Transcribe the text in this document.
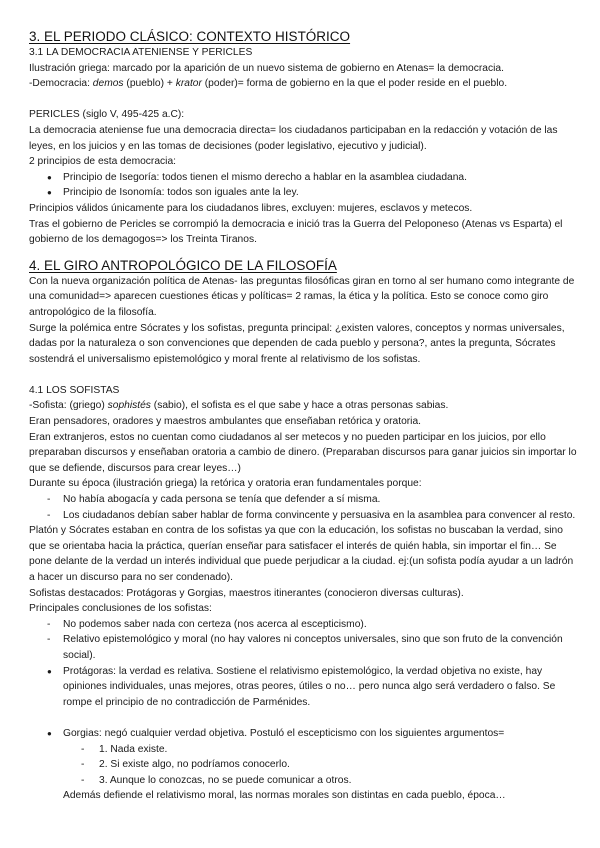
3. EL PERIODO CLÁSICO: CONTEXTO HISTÓRICO
3.1 LA DEMOCRACIA ATENIENSE Y PERICLES

Ilustración griega: marcado por la aparición de un nuevo sistema de gobierno en Atenas= la democracia.

-Democracia: demos (pueblo) + krator (poder)= forma de gobierno en la que el poder reside en el pueblo.

PERICLES (siglo V, 495-425 a.C):

La democracia ateniense fue una democracia directa= los ciudadanos participaban en la redacción y votación de las leyes, en los juicios y en las tomas de decisiones (poder legislativo, ejecutivo y judicial).

2 principios de esta democracia:

● Principio de Isegoría: todos tienen el mismo derecho a hablar en la asamblea ciudadana.
● Principio de Isonomía: todos son iguales ante la ley.

Principios válidos únicamente para los ciudadanos libres, excluyen: mujeres, esclavos y metecos.

Tras el gobierno de Pericles se corrompió la democracia e inició tras la Guerra del Peloponeso (Atenas vs Esparta) el gobierno de los demagogos=> los Treinta Tiranos.

4. EL GIRO ANTROPOLÓGICO DE LA FILOSOFÍA

Con la nueva organización política de Atenas- las preguntas filosóficas giran en torno al ser humano como integrante de una comunidad=> aparecen cuestiones éticas y políticas= 2 ramas, la ética y la política. Esto se conoce como giro antropológico de la filosofía.

Surge la polémica entre Sócrates y los sofistas, pregunta principal: ¿existen valores, conceptos y normas universales, dadas por la naturaleza o son convenciones que dependen de cada pueblo y persona?, antes la pregunta, Sócrates sostendrá el universalismo epistemológico y moral frente al relativismo de los sofistas.

4.1 LOS SOFISTAS

-Sofista: (griego) sophistés (sabio), el sofista es el que sabe y hace a otras personas sabias.

Eran pensadores, oradores y maestros ambulantes que enseñaban retórica y oratoria.

Eran extranjeros, estos no cuentan como ciudadanos al ser metecos y no pueden participar en los juicios, por ello preparaban discursos y enseñaban oratoria a cambio de dinero. (Preparaban discursos para ganar juicios sin importar lo que se defiende, discursos para crear leyes…)

Durante su época (ilustración griega) la retórica y oratoria eran fundamentales porque:

- No había abogacía y cada persona se tenía que defender a sí misma.
- Los ciudadanos debían saber hablar de forma convincente y persuasiva en la asamblea para convencer al resto.

Platón y Sócrates estaban en contra de los sofistas ya que con la educación, los sofistas no buscaban la verdad, sino que se orientaba hacia la práctica, querían enseñar para satisfacer el interés de quién habla, sin importar el fin… Se pone delante de la verdad un interés individual que puede perjudicar a la ciudad. ej:(un sofista podía ayudar a un ladrón a hacer un discurso para no ser condenado).

Sofistas destacados: Protágoras y Gorgias, maestros itinerantes (conocieron diversas culturas).

Principales conclusiones de los sofistas:

- No podemos saber nada con certeza (nos acerca al escepticismo).
- Relativo epistemológico y moral (no hay valores ni conceptos universales, sino que son fruto de la convención social).
● Protágoras: la verdad es relativa. Sostiene el relativismo epistemológico, la verdad objetiva no existe, hay opiniones individuales, unas mejores, otras peores, útiles o no… pero nunca algo será verdadero o falso. Se rompe el principio de no contradicción de Parménides.
● Gorgias: negó cualquier verdad objetiva. Postuló el escepticismo con los siguientes argumentos=
- 1. Nada existe.
- 2. Si existe algo, no podríamos conocerlo.
- 3. Aunque lo conozcas, no se puede comunicar a otros.

Además defiende el relativismo moral, las normas morales son distintas en cada pueblo, época…
